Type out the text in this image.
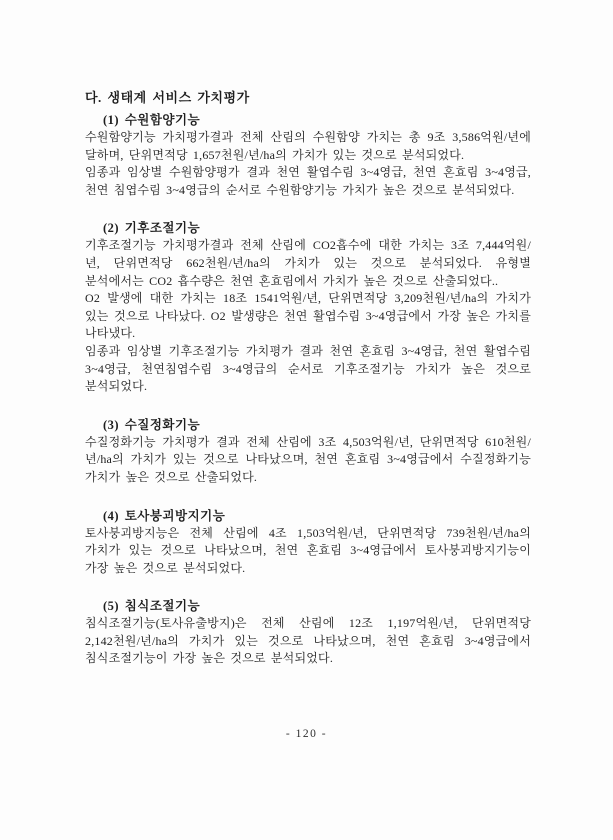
다. 생태계 서비스 가치평가
(1) 수원함양기능

수원함양기능 가치평가결과 전체 산림의 수원함양 가치는 총 9조 3,586억원/년에 달하며, 단위면적당 1,657천원/년/ha의 가치가 있는 것으로 분석되었다.

임종과 임상별 수원함양평가 결과 천연 활엽수림 3~4영급, 천연 혼효림 3~4영급, 천연 침엽수림 3~4영급의 순서로 수원함양기능 가치가 높은 것으로 분석되었다.

(2) 기후조절기능

기후조절기능 가치평가결과 전체 산림에 CO2흡수에 대한 가치는 3조 7,444억원/년, 단위면적당 662천원/년/ha의 가치가 있는 것으로 분석되었다. 유형별 분석에서는 CO2 흡수량은 천연 혼효림에서 가치가 높은 것으로 산출되었다..

O2 발생에 대한 가치는 18조 1541억원/년, 단위면적당 3,209천원/년/ha의 가치가 있는 것으로 나타났다. O2 발생량은 천연 활엽수림 3~4영급에서 가장 높은 가치를 나타냈다.

임종과 임상별 기후조절기능 가치평가 결과 천연 혼효림 3~4영급, 천연 활엽수림 3~4영급, 천연침엽수림 3~4영급의 순서로 기후조절기능 가치가 높은 것으로 분석되었다.

(3) 수질정화기능

수질정화기능 가치평가 결과 전체 산림에 3조 4,503억원/년, 단위면적당 610천원/년/ha의 가치가 있는 것으로 나타났으며, 천연 혼효림 3~4영급에서 수질정화기능 가치가 높은 것으로 산출되었다.

(4) 토사붕괴방지기능

토사붕괴방지능은 전체 산림에 4조 1,503억원/년, 단위면적당 739천원/년/ha의 가치가 있는 것으로 나타났으며, 천연 혼효림 3~4영급에서 토사붕괴방지기능이 가장 높은 것으로 분석되었다.

(5) 침식조절기능

침식조절기능(토사유출방지)은 전체 산림에 12조 1,197억원/년, 단위면적당 2,142천원/년/ha의 가치가 있는 것으로 나타났으며, 천연 혼효림 3~4영급에서 침식조절기능이 가장 높은 것으로 분석되었다.

- 120 -
